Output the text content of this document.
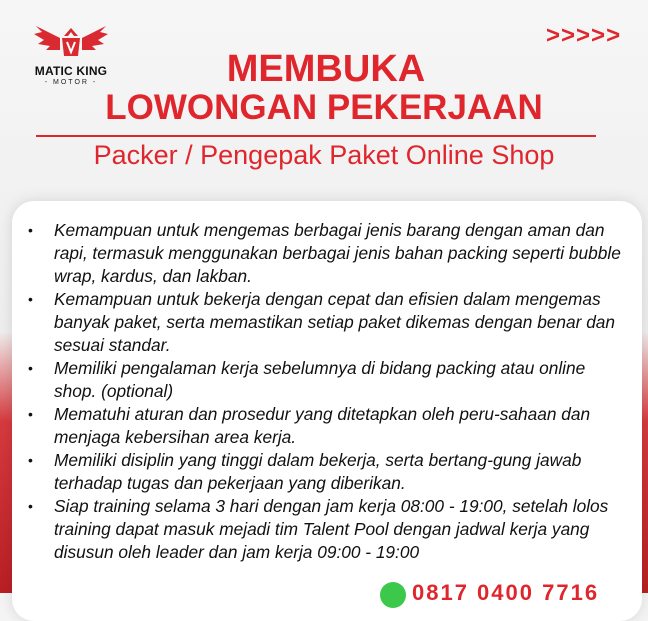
MATIC KING
- MOTOR -
>>>>>
MEMBUKA
LOWONGAN PEKERJAAN
Packer / Pengepak Paket Online Shop
• Kemampuan untuk mengemas berbagai jenis barang dengan aman dan rapi, termasuk menggunakan berbagai jenis bahan packing seperti bubble wrap, kardus, dan lakban.
• Kemampuan untuk bekerja dengan cepat dan efisien dalam mengemas banyak paket, serta memastikan setiap paket dikemas dengan benar dan sesuai standar.
• Memiliki pengalaman kerja sebelumnya di bidang packing atau online shop. (optional)
• Mematuhi aturan dan prosedur yang ditetapkan oleh peru-sahaan dan menjaga kebersihan area kerja.
• Memiliki disiplin yang tinggi dalam bekerja, serta bertang-gung jawab terhadap tugas dan pekerjaan yang diberikan.
• Siap training selama 3 hari dengan jam kerja 08:00 - 19:00, setelah lolos training dapat masuk mejadi tim Talent Pool dengan jadwal kerja yang disusun oleh leader dan jam kerja 09:00 - 19:00
0817 0400 7716
